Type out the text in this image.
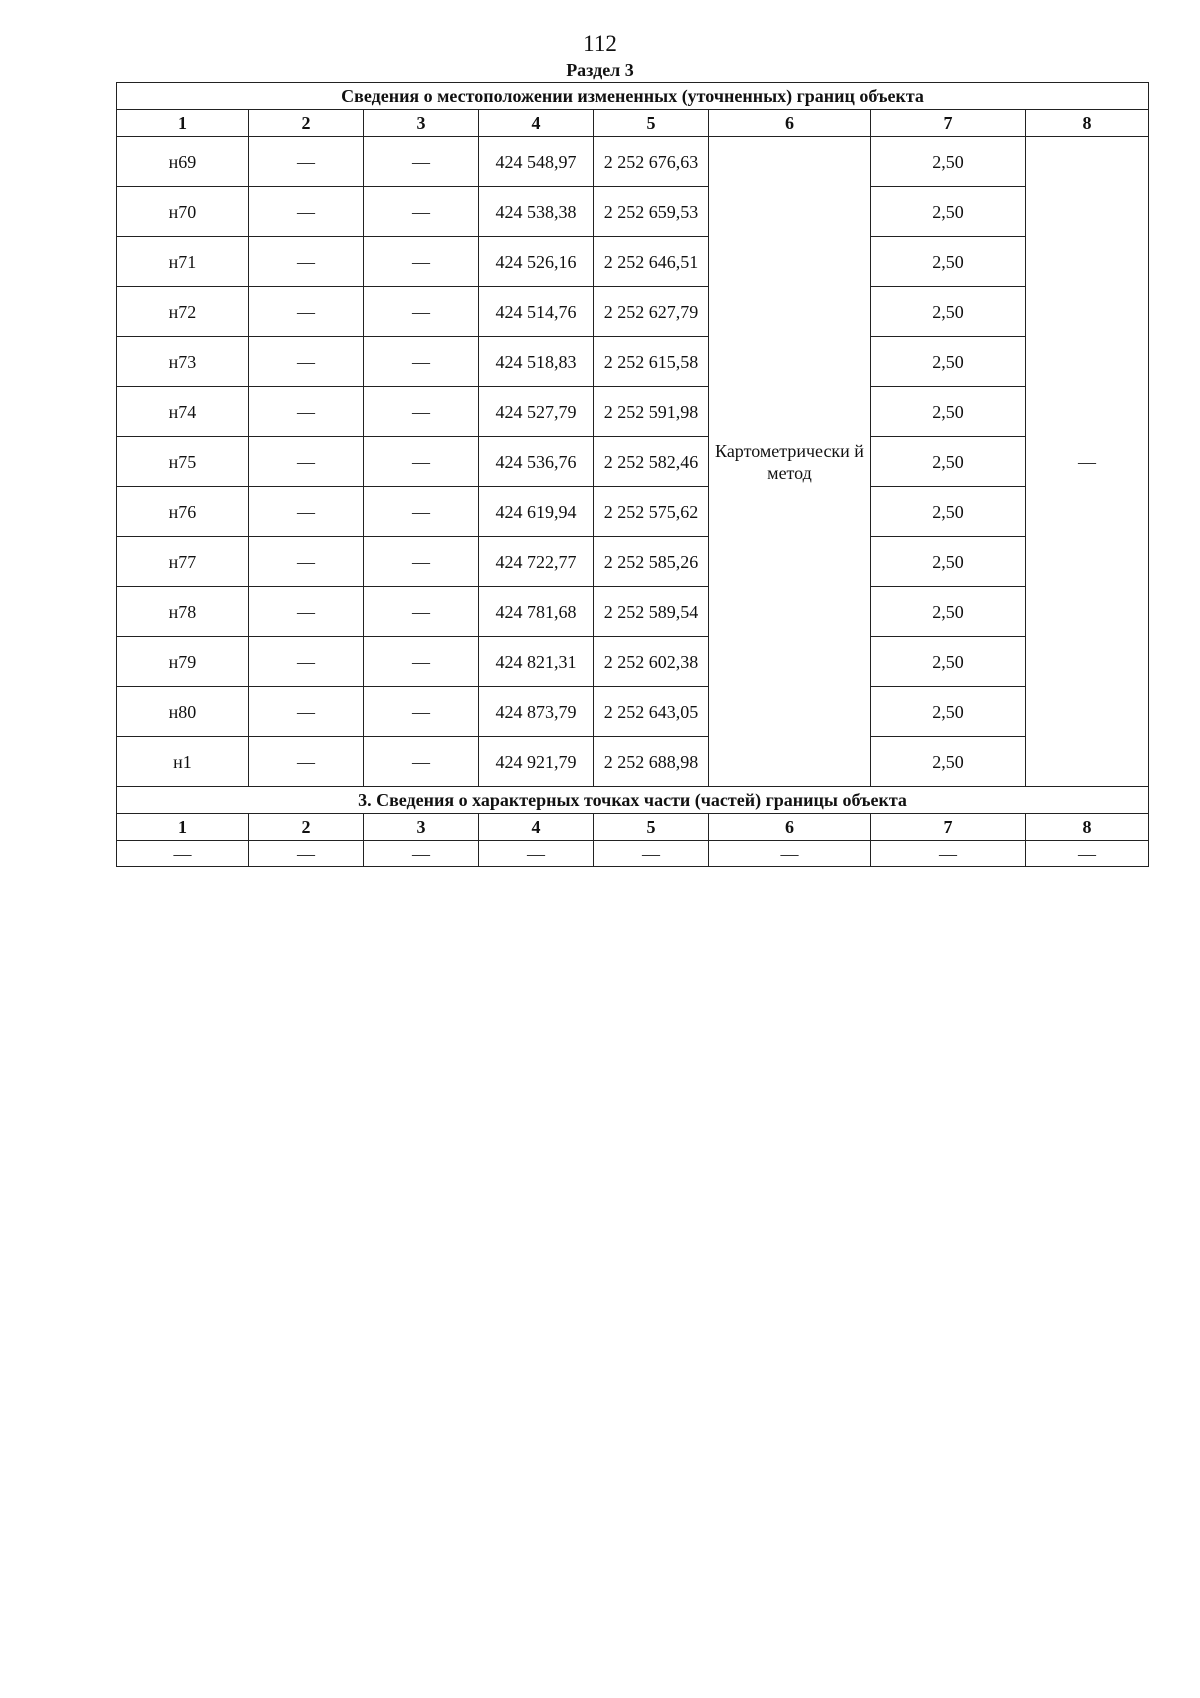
112
Раздел 3
Сведения о местоположении измененных (уточненных) границ объекта							
1	2	3	4	5	6	7	8
н69	—	—	424 548,97	2 252 676,63	Картометрически й метод	2,50	—
н70	—	—	424 538,38	2 252 659,53		2,50	
н71	—	—	424 526,16	2 252 646,51		2,50	
н72	—	—	424 514,76	2 252 627,79		2,50	
н73	—	—	424 518,83	2 252 615,58		2,50	
н74	—	—	424 527,79	2 252 591,98		2,50	
н75	—	—	424 536,76	2 252 582,46		2,50	
н76	—	—	424 619,94	2 252 575,62		2,50	
н77	—	—	424 722,77	2 252 585,26		2,50	
н78	—	—	424 781,68	2 252 589,54		2,50	
н79	—	—	424 821,31	2 252 602,38		2,50	
н80	—	—	424 873,79	2 252 643,05		2,50	
н1	—	—	424 921,79	2 252 688,98		2,50	
3. Сведения о характерных точках части (частей) границы объекта							
1	2	3	4	5	6	7	8
—	—	—	—	—	—	—	—
